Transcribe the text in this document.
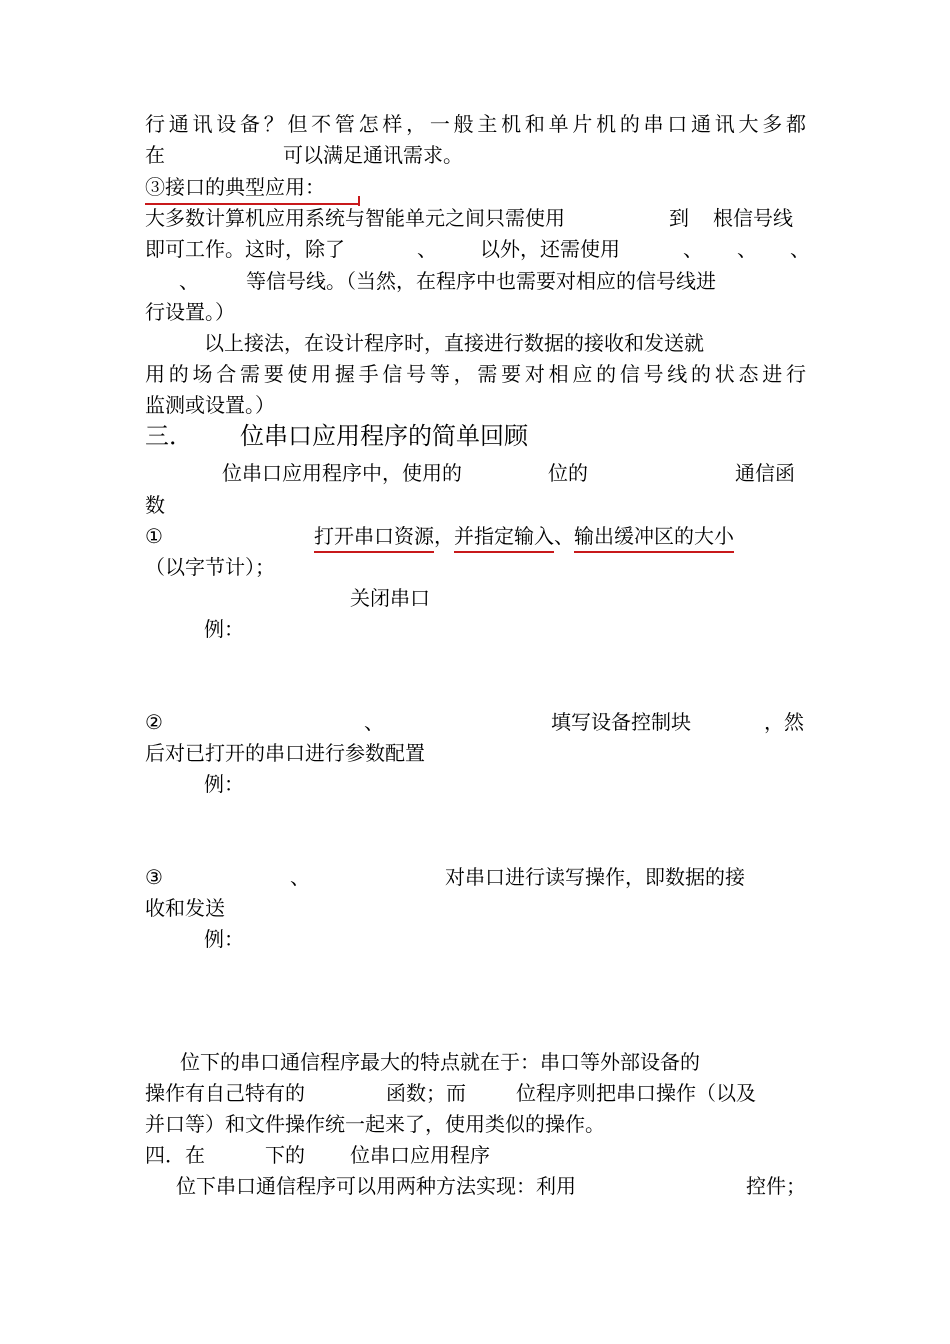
行通讯设备？但不管怎样，一般主机和单片机的串口通讯大多都

在	可以满足通讯需求。
③接口的典型应用：
大多数计算机应用系统与智能单元之间只需使用	到 根信号线
即可工作。这时，除了	、 以外，还需使用	、 、 、
、 等信号线。（当然，在程序中也需要对相应的信号线进
行设置。）
以上接法，在设计程序时，直接进行数据的接收和发送就

用的场合需要使用握手信号等，需要对相应的信号线的状态进行

监测或设置。）
三． 位串口应用程序的简单回顾
位串口应用程序中，使用的	位的	通信函
数
①	打开串口资源，并指定输入、输出缓冲区的大小
（以字节计）；
关闭串口
例：
②	、	填写设备控制块	，然
后对已打开的串口进行参数配置
例：
③	、	对串口进行读写操作，即数据的接
收和发送
例：
位下的串口通信程序最大的特点就在于：串口等外部设备的
操作有自己特有的	函数；而	位程序则把串口操作（以及
并口等）和文件操作统一起来了，使用类似的操作。
四．在	下的 位串口应用程序
位下串口通信程序可以用两种方法实现：利用	控件；
